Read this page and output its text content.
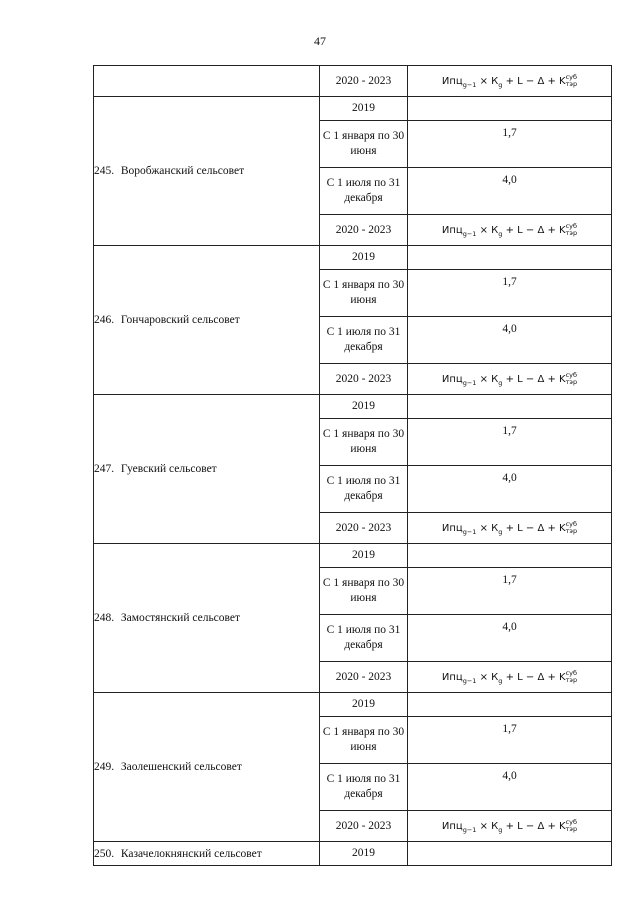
47
	2020 - 2023	$Ипц_{g-1} \times К_g + L - \Delta + K$ суб
тэр

245. Воробжанский сельсовет	2019	
	С 1 января по 30 июня	1,7
	С 1 июля по 31 декабря	4,0
	2020 - 2023	$Ипц_{g-1} \times К_g + L - \Delta + K$ суб
тэр

246. Гончаровский сельсовет	2019	
	С 1 января по 30 июня	1,7
	С 1 июля по 31 декабря	4,0
	2020 - 2023	$Ипц_{g-1} \times К_g + L - \Delta + K$ суб
тэр

247. Гуевский сельсовет	2019	
	С 1 января по 30 июня	1,7
	С 1 июля по 31 декабря	4,0
	2020 - 2023	$Ипц_{g-1} \times К_g + L - \Delta + K$ суб
тэр

248. Замостянский сельсовет	2019	
	С 1 января по 30 июня	1,7
	С 1 июля по 31 декабря	4,0
	2020 - 2023	$Ипц_{g-1} \times К_g + L - \Delta + K$ суб
тэр

249. Заолешенский сельсовет	2019	
	С 1 января по 30 июня	1,7
	С 1 июля по 31 декабря	4,0
	2020 - 2023	$Ипц_{g-1} \times К_g + L - \Delta + K$ суб
тэр

250. Казачелокнянский сельсовет	2019	
